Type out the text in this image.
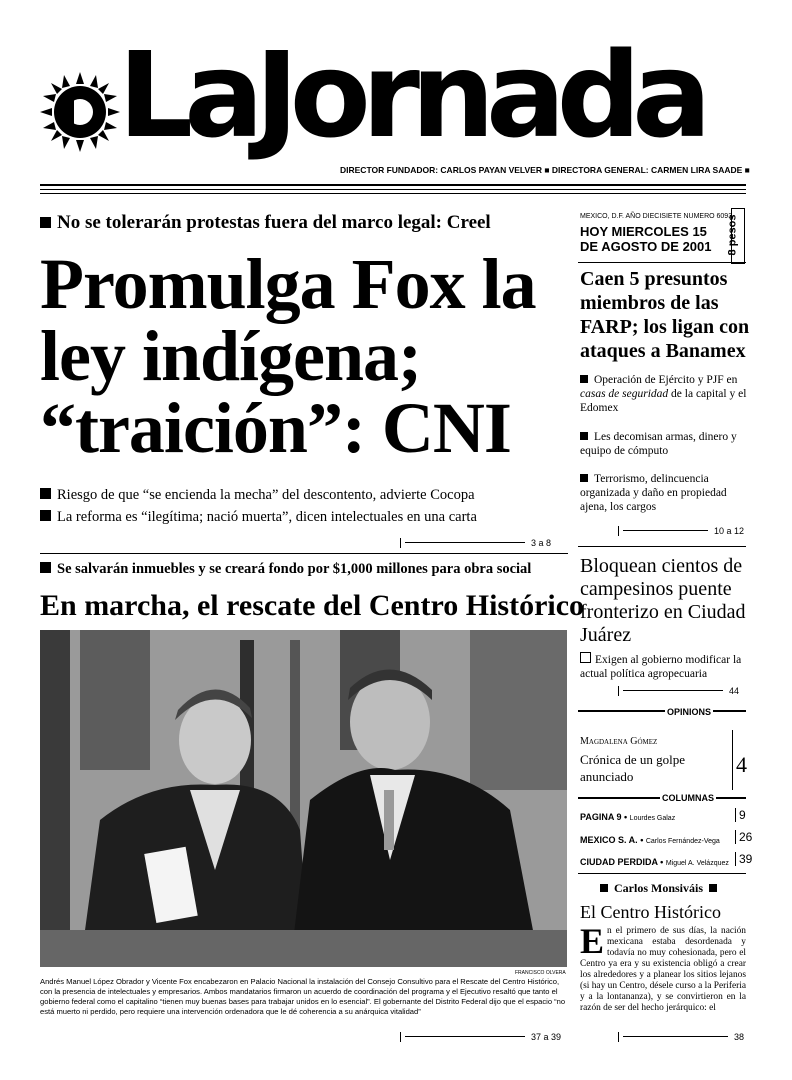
LaJornada
DIRECTOR FUNDADOR: CARLOS PAYAN VELVER ■ DIRECTORA GENERAL: CARMEN LIRA SAADE ■
No se tolerarán protestas fuera del marco legal: Creel
Promulga Fox la ley indígena; “traición”: CNI
Riesgo de que “se encienda la mecha” del descontento, advierte Cocopa
La reforma es “ilegítima; nació muerta”, dicen intelectuales en una carta
3 a 8
Se salvarán inmuebles y se creará fondo por $1,000 millones para obra social
En marcha, el rescate del Centro Histórico
FRANCISCO OLVERA
Andrés Manuel López Obrador y Vicente Fox encabezaron en Palacio Nacional la instalación del Consejo Consultivo para el Rescate del Centro Histórico, con la presencia de intelectuales y empresarios. Ambos mandatarios firmaron un acuerdo de coordinación del programa y el Ejecutivo resaltó que tanto el gobierno federal como el capitalino “tienen muy buenas bases para trabajar unidos en lo esencial”. El gobernante del Distrito Federal dijo que el espacio “no está muerto ni perdido, pero requiere una intervención ordenadora que le dé coherencia a su anárquica vitalidad”
37 a 39
MEXICO, D.F. AÑO DIECISIETE NUMERO 6093
HOY MIERCOLES 15
DE AGOSTO DE 2001 8 pesos
Caen 5 presuntos miembros de las FARP; los ligan con ataques a Banamex
Operación de Ejército y PJF en casas de seguridad de la capital y el Edomex
Les decomisan armas, dinero y equipo de cómputo
Terrorismo, delincuencia organizada y daño en propiedad ajena, los cargos
10 a 12
Bloquean cientos de campesinos puente fronterizo en Ciudad Juárez
Exigen al gobierno modificar la actual política agropecuaria
44
OPINIONS
Magdalena Gómez
Crónica de un golpe anunciado	4
COLUMNAS
PAGINA 9 • Lourdes Galaz	9
MEXICO S. A. • Carlos Fernández-Vega	26
CIUDAD PERDIDA • Miguel A. Velázquez 39
Carlos Monsiváis
El Centro Histórico
En el primero de sus días, la nación mexicana estaba desordenada y todavía no muy cohesionada, pero el Centro ya era y su existencia obligó a crear los alrededores y a planear los sitios lejanos (si hay un Centro, désele curso a la Periferia y a la lontananza), y se convirtieron en la razón de ser del hecho jerárquico: el
38
